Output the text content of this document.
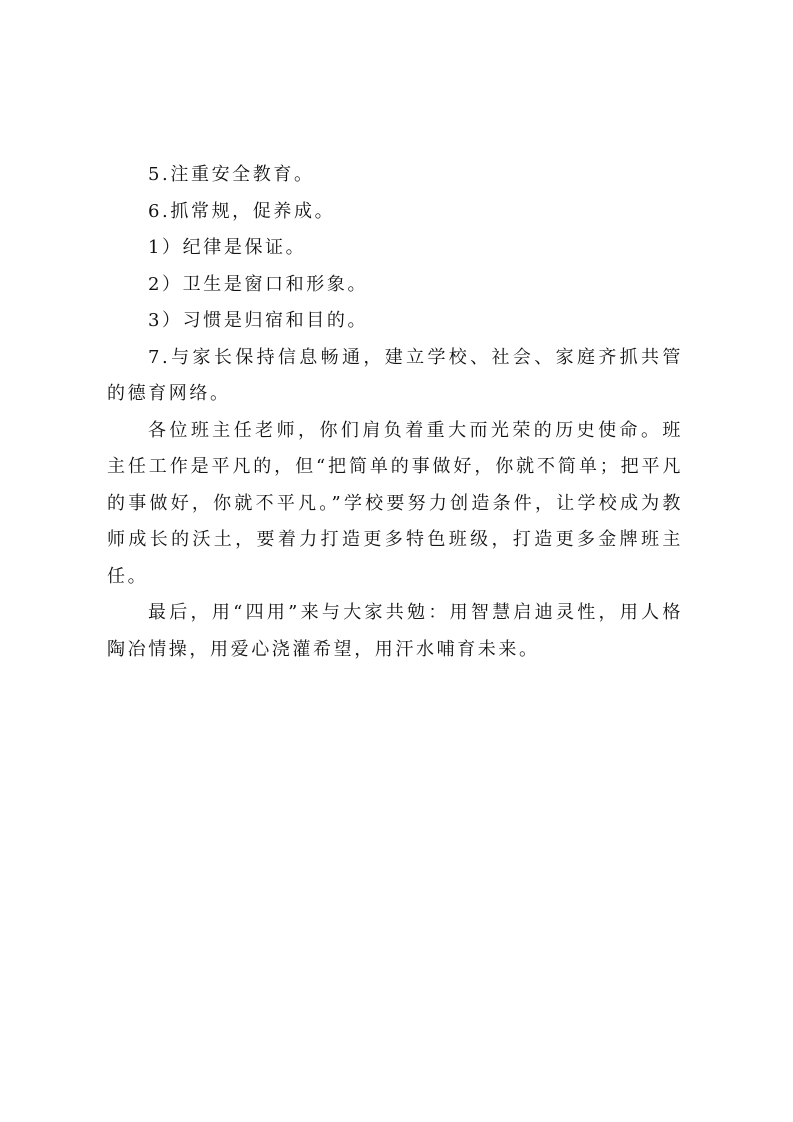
5.注重安全教育。

6.抓常规，促养成。

1）纪律是保证。

2）卫生是窗口和形象。

3）习惯是归宿和目的。

7.与家长保持信息畅通，建立学校、社会、家庭齐抓共管的德育网络。

各位班主任老师，你们肩负着重大而光荣的历史使命。班主任工作是平凡的，但“把简单的事做好，你就不简单；把平凡的事做好，你就不平凡。”学校要努力创造条件，让学校成为教师成长的沃土，要着力打造更多特色班级，打造更多金牌班主任。

最后，用“四用”来与大家共勉：用智慧启迪灵性，用人格陶冶情操，用爱心浇灌希望，用汗水哺育未来。
